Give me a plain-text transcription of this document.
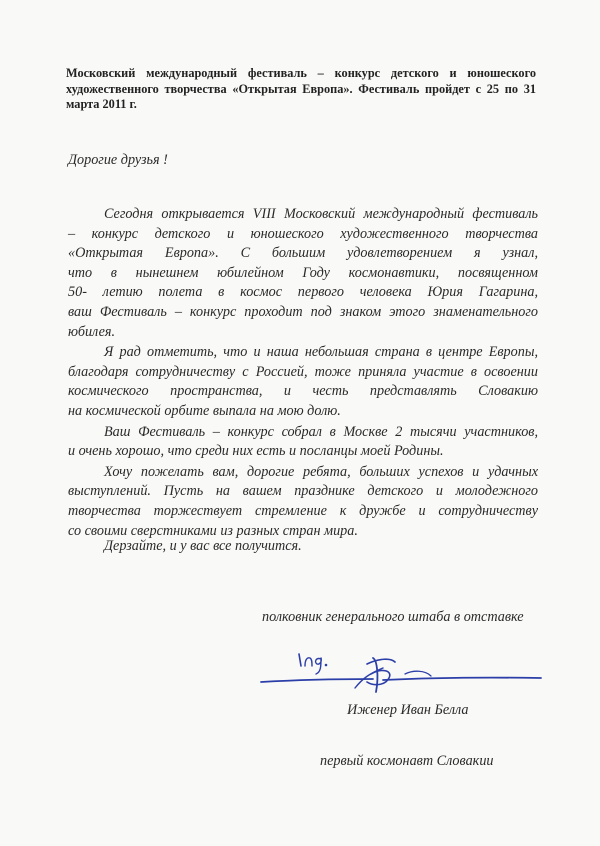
Московский международный фестиваль – конкурс детского и юношеского
художественного творчества «Открытая Европа». Фестиваль пройдет с 25 по 31
марта 2011 г.
Дорогие друзья !

Сегодня открывается VIII Московский международный фестиваль
– конкурс детского и юношеского художественного творчества
«Открытая Европа». С большим удовлетворением я узнал,
что в нынешнем юбилейном Году космонавтики, посвященном
50- летию полета в космос первого человека Юрия Гагарина,
ваш Фестиваль – конкурс проходит под знаком этого знаменательного
юбилея.

Я рад отметить, что и наша небольшая страна в центре Европы,
благодаря сотрудничеству с Россией, тоже приняла участие в освоении
космического пространства, и честь представлять Словакию
на космической орбите выпала на мою долю.

Ваш Фестиваль – конкурс собрал в Москве 2 тысячи участников,
и очень хорошо, что среди них есть и посланцы моей Родины.

Хочу пожелать вам, дорогие ребята, больших успехов и удачных
выступлений. Пусть на вашем празднике детского и молодежного
творчества торжествует стремление к дружбе и сотрудничеству
со своими сверстниками из разных стран мира.

Дерзайте, и у вас все получится.
полковник генерального штаба в отставке
Иженер Иван Белла
первый космонавт Словакии
